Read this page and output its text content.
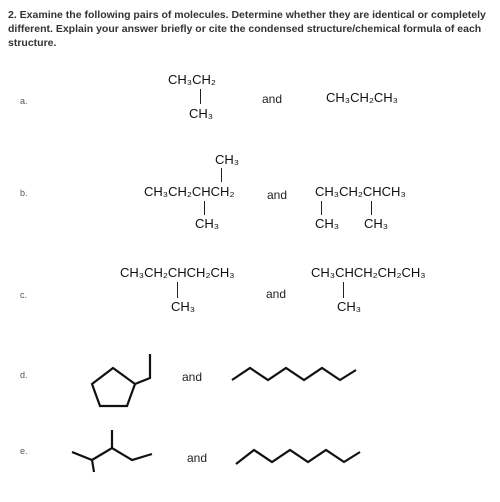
2. Examine the following pairs of molecules. Determine whether they are identical or completely different. Explain your answer briefly or cite the condensed structure/chemical formula of each structure.
a.
CH₃CH₂
CH₃
and	CH₃CH₂CH₃
b.
CH₃
CH₃CH₂CHCH₂
CH₃
and CH₃CH₂CHCH₃
CH₃ CH₃
c.
CH₃CH₂CHCH₂CH₃
CH₃
and
CH₃CHCH₂CH₂CH₃
CH₃
d.	and
e.	and
